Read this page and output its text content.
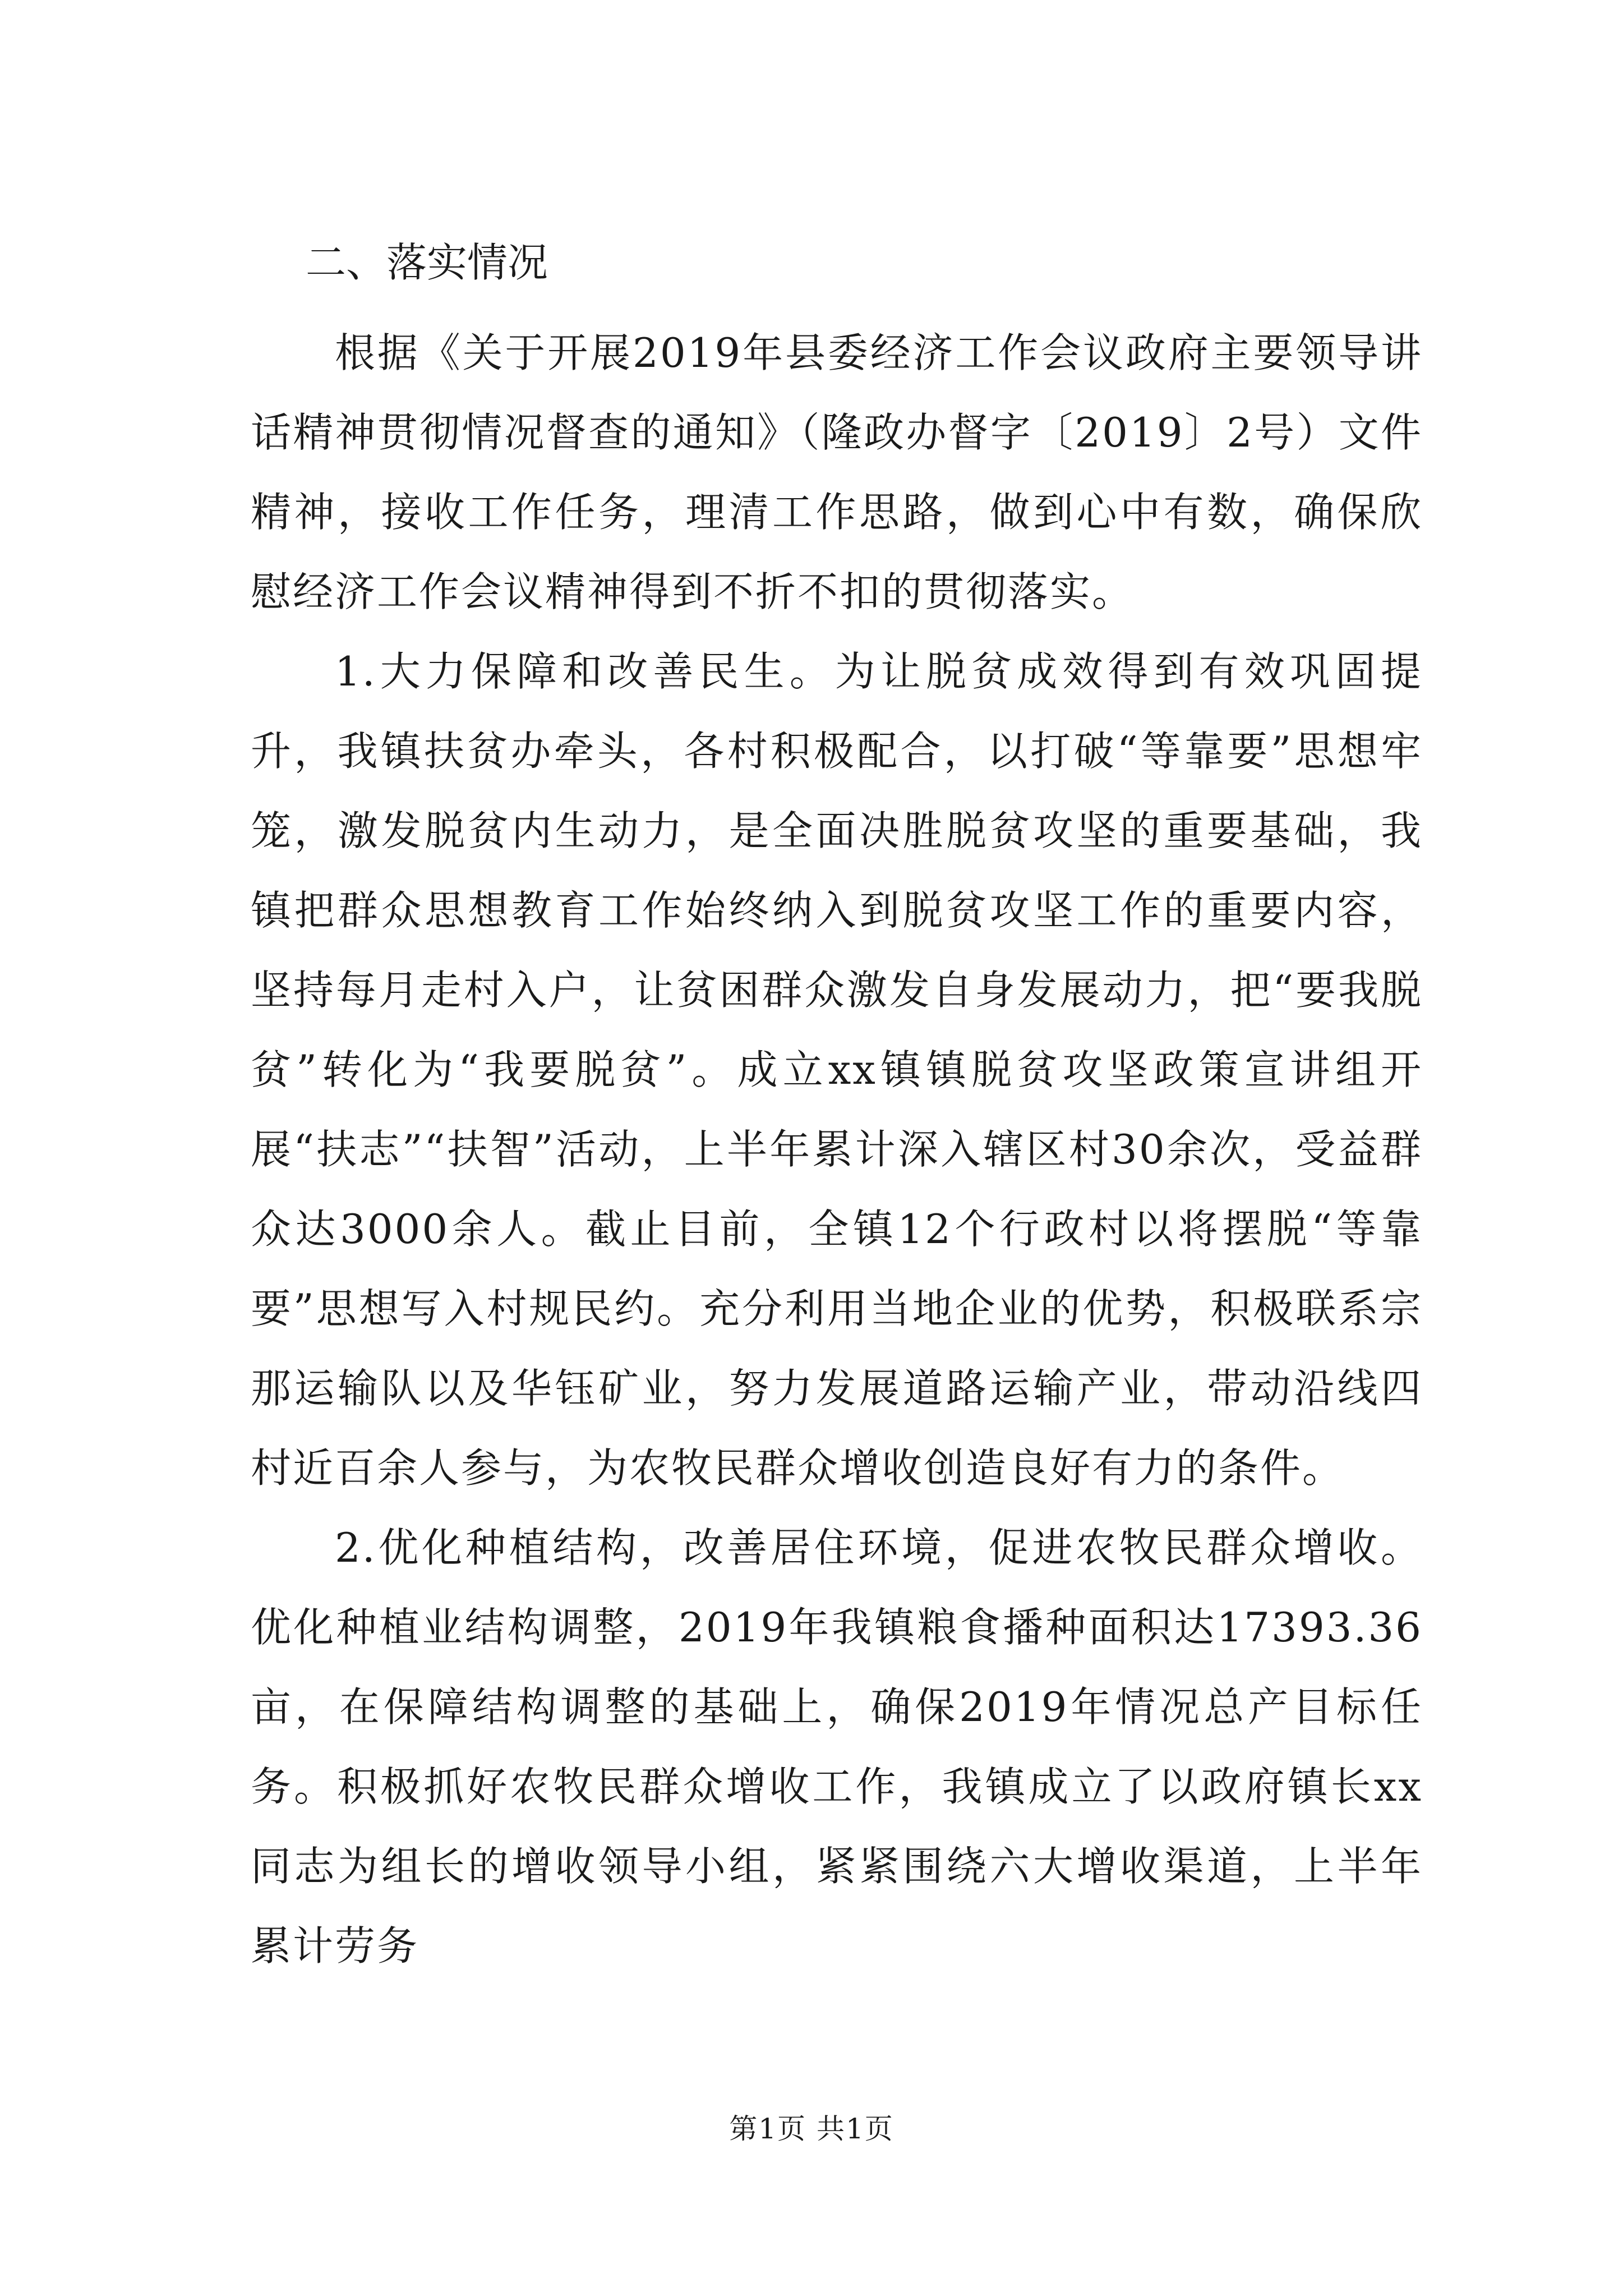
二、落实情况

根据《关于开展2019年县委经济工作会议政府主要领导讲话精神贯彻情况督查的通知》（隆政办督字〔2019〕2号）文件精神，接收工作任务，理清工作思路，做到心中有数，确保欣慰经济工作会议精神得到不折不扣的贯彻落实。

1.大力保障和改善民生。为让脱贫成效得到有效巩固提升，我镇扶贫办牵头，各村积极配合，以打破“等靠要”思想牢笼，激发脱贫内生动力，是全面决胜脱贫攻坚的重要基础，我镇把群众思想教育工作始终纳入到脱贫攻坚工作的重要内容，坚持每月走村入户，让贫困群众激发自身发展动力，把“要我脱贫”转化为“我要脱贫”。成立xx镇镇脱贫攻坚政策宣讲组开展“扶志”“扶智”活动，上半年累计深入辖区村30余次，受益群众达3000余人。截止目前，全镇12个行政村以将摆脱“等靠要”思想写入村规民约。充分利用当地企业的优势，积极联系宗那运输队以及华钰矿业，努力发展道路运输产业，带动沿线四村近百余人参与，为农牧民群众增收创造良好有力的条件。

2.优化种植结构，改善居住环境，促进农牧民群众增收。优化种植业结构调整，2019年我镇粮食播种面积达17393.36亩，在保障结构调整的基础上，确保2019年情况总产目标任务。积极抓好农牧民群众增收工作，我镇成立了以政府镇长xx同志为组长的增收领导小组，紧紧围绕六大增收渠道，上半年累计劳务

第1页 共1页
